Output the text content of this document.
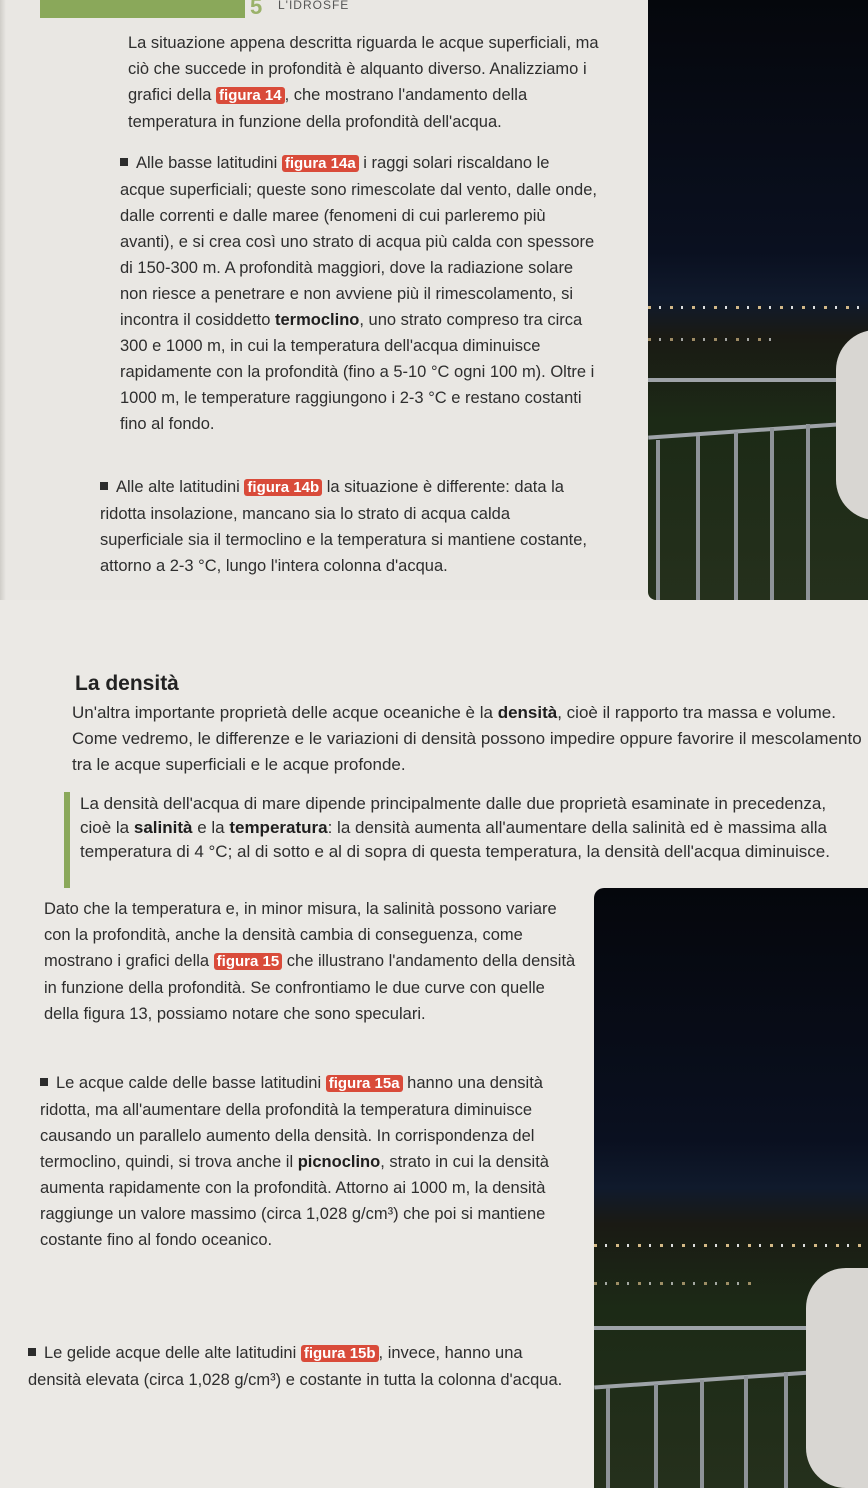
5 L'IDROSFE

La situazione appena descritta riguarda le acque superficiali, ma ciò che succede in profondità è alquanto diverso. Analizziamo i grafici della figura 14 , che mostrano l'andamento della temperatura in funzione della profondità dell'acqua.

Alle basse latitudini figura 14a i raggi solari riscaldano le acque superficiali; queste sono rimescolate dal vento, dalle onde, dalle correnti e dalle maree (fenomeni di cui parleremo più avanti), e si crea così uno strato di acqua più calda con spessore di 150-300 m. A profondità maggiori, dove la radiazione solare non riesce a penetrare e non avviene più il rimescolamento, si incontra il cosiddetto termoclino, uno strato compreso tra circa 300 e 1000 m, in cui la temperatura dell'acqua diminuisce rapidamente con la profondità (fino a 5-10 °C ogni 100 m). Oltre i 1000 m, le temperature raggiungono i 2-3 °C e restano costanti fino al fondo.

Alle alte latitudini figura 14b la situazione è differente: data la ridotta insolazione, mancano sia lo strato di acqua calda superficiale sia il termoclino e la temperatura si mantiene costante, attorno a 2-3 °C, lungo l'intera colonna d'acqua.

La densità

Un'altra importante proprietà delle acque oceaniche è la densità, cioè il rapporto tra massa e volume. Come vedremo, le differenze e le variazioni di densità possono impedire oppure favorire il mescolamento tra le acque superficiali e le acque profonde.

La densità dell'acqua di mare dipende principalmente dalle due proprietà esaminate in precedenza, cioè la salinità e la temperatura: la densità aumenta all'aumentare della salinità ed è massima alla temperatura di 4 °C; al di sotto e al di sopra di questa temperatura, la densità dell'acqua diminuisce.

Dato che la temperatura e, in minor misura, la salinità possono variare con la profondità, anche la densità cambia di conseguenza, come mostrano i grafici della figura 15 che illustrano l'andamento della densità in funzione della profondità. Se confrontiamo le due curve con quelle della figura 13, possiamo notare che sono speculari.

Le acque calde delle basse latitudini figura 15a hanno una densità ridotta, ma all'aumentare della profondità la temperatura diminuisce causando un parallelo aumento della densità. In corrispondenza del termoclino, quindi, si trova anche il picnoclino, strato in cui la densità aumenta rapidamente con la profondità. Attorno ai 1000 m, la densità raggiunge un valore massimo (circa 1,028 g/cm³) che poi si mantiene costante fino al fondo oceanico.

Le gelide acque delle alte latitudini figura 15b , invece, hanno una densità elevata (circa 1,028 g/cm³) e costante in tutta la colonna d'acqua.
